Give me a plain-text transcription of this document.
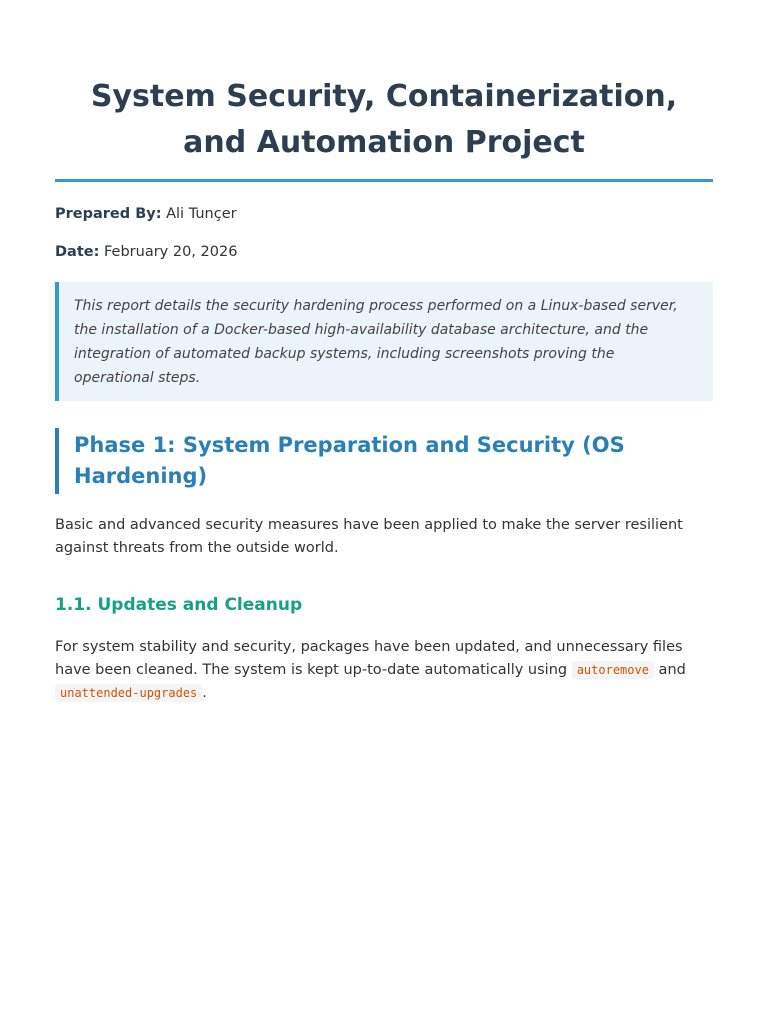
System Security, Containerization, and Automation Project
Prepared By: Ali Tunçer
Date: February 20, 2026
This report details the security hardening process performed on a Linux-based server, the installation of a Docker-based high-availability database architecture, and the integration of automated backup systems, including screenshots proving the operational steps.
Phase 1: System Preparation and Security (OS Hardening)

Basic and advanced security measures have been applied to make the server resilient against threats from the outside world.

1.1. Updates and Cleanup

For system stability and security, packages have been updated, and unnecessary files have been cleaned. The system is kept up-to-date automatically using autoremove and unattended-upgrades .
